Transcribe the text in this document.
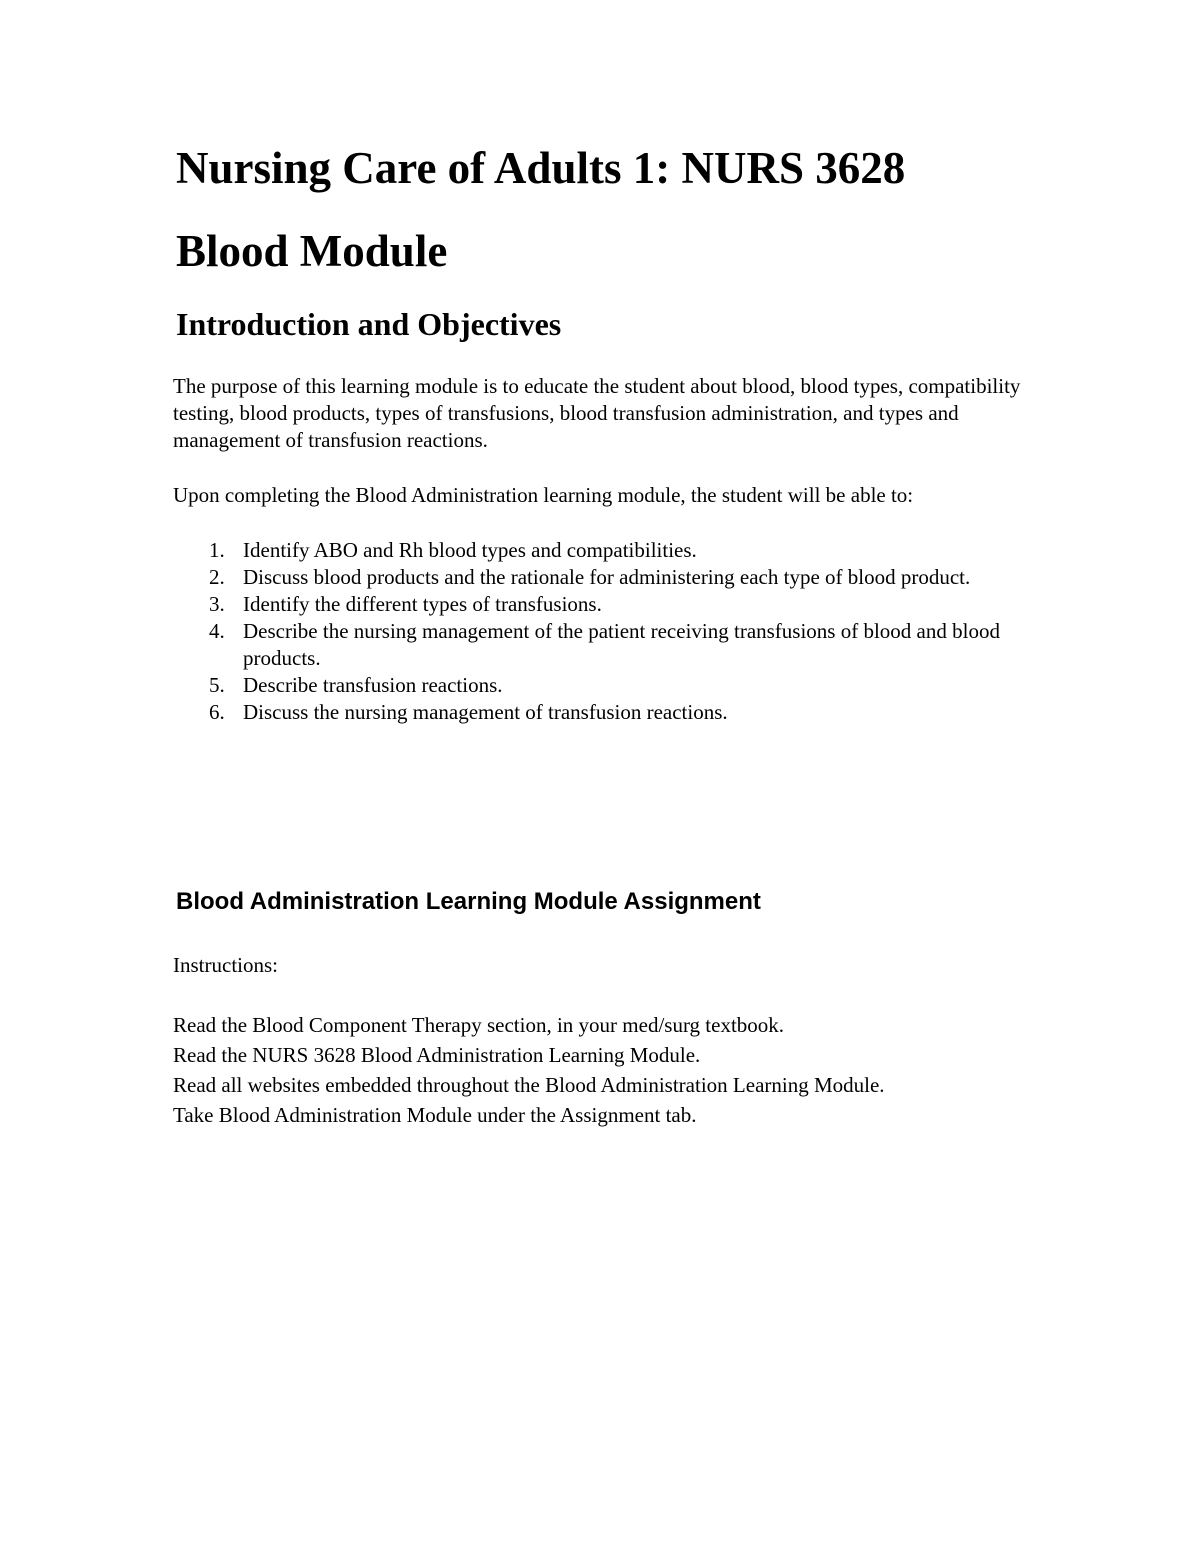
Nursing Care of Adults 1: NURS 3628
Blood Module
Introduction and Objectives

The purpose of this learning module is to educate the student about blood, blood types, compatibility testing, blood products, types of transfusions, blood transfusion administration, and types and management of transfusion reactions.

Upon completing the Blood Administration learning module, the student will be able to:

1. Identify ABO and Rh blood types and compatibilities.
2. Discuss blood products and the rationale for administering each type of blood product.
3. Identify the different types of transfusions.
4. Describe the nursing management of the patient receiving transfusions of blood and blood products.
5. Describe transfusion reactions.
6. Discuss the nursing management of transfusion reactions.
Blood Administration Learning Module Assignment

Instructions:

Read the Blood Component Therapy section, in your med/surg textbook.
Read the NURS 3628 Blood Administration Learning Module.
Read all websites embedded throughout the Blood Administration Learning Module.
Take Blood Administration Module under the Assignment tab.
